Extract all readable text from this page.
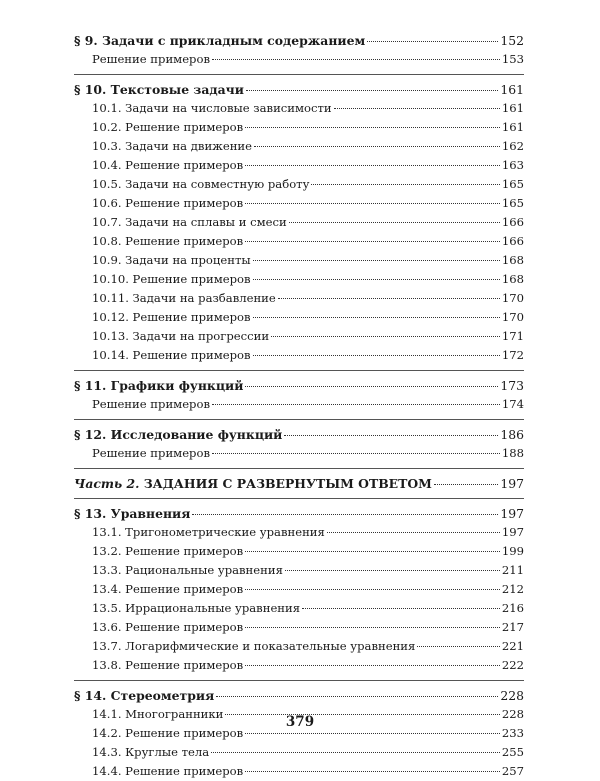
§ 9. Задачи с прикладным содержанием	152
Решение примеров	153
§ 10. Текстовые задачи	161
10.1. Задачи на числовые зависимости	161
10.2. Решение примеров	161
10.3. Задачи на движение	162
10.4. Решение примеров	163
10.5. Задачи на совместную работу	165
10.6. Решение примеров	165
10.7. Задачи на сплавы и смеси	166
10.8. Решение примеров	166
10.9. Задачи на проценты	168
10.10. Решение примеров	168
10.11. Задачи на разбавление	170
10.12. Решение примеров	170
10.13. Задачи на прогрессии	171
10.14. Решение примеров	172
§ 11. Графики функций	173
Решение примеров	174
§ 12. Исследование функций	186
Решение примеров	188
Часть 2. ЗАДАНИЯ С РАЗВЕРНУТЫМ ОТВЕТОМ	197
§ 13. Уравнения	197
13.1. Тригонометрические уравнения	197
13.2. Решение примеров	199
13.3. Рациональные уравнения	211
13.4. Решение примеров	212
13.5. Иррациональные уравнения	216
13.6. Решение примеров	217
13.7. Логарифмические и показательные уравнения	221
13.8. Решение примеров	222
§ 14. Стереометрия	228
14.1. Многогранники	228
14.2. Решение примеров	233
14.3. Круглые тела	255
14.4. Решение примеров	257
379
